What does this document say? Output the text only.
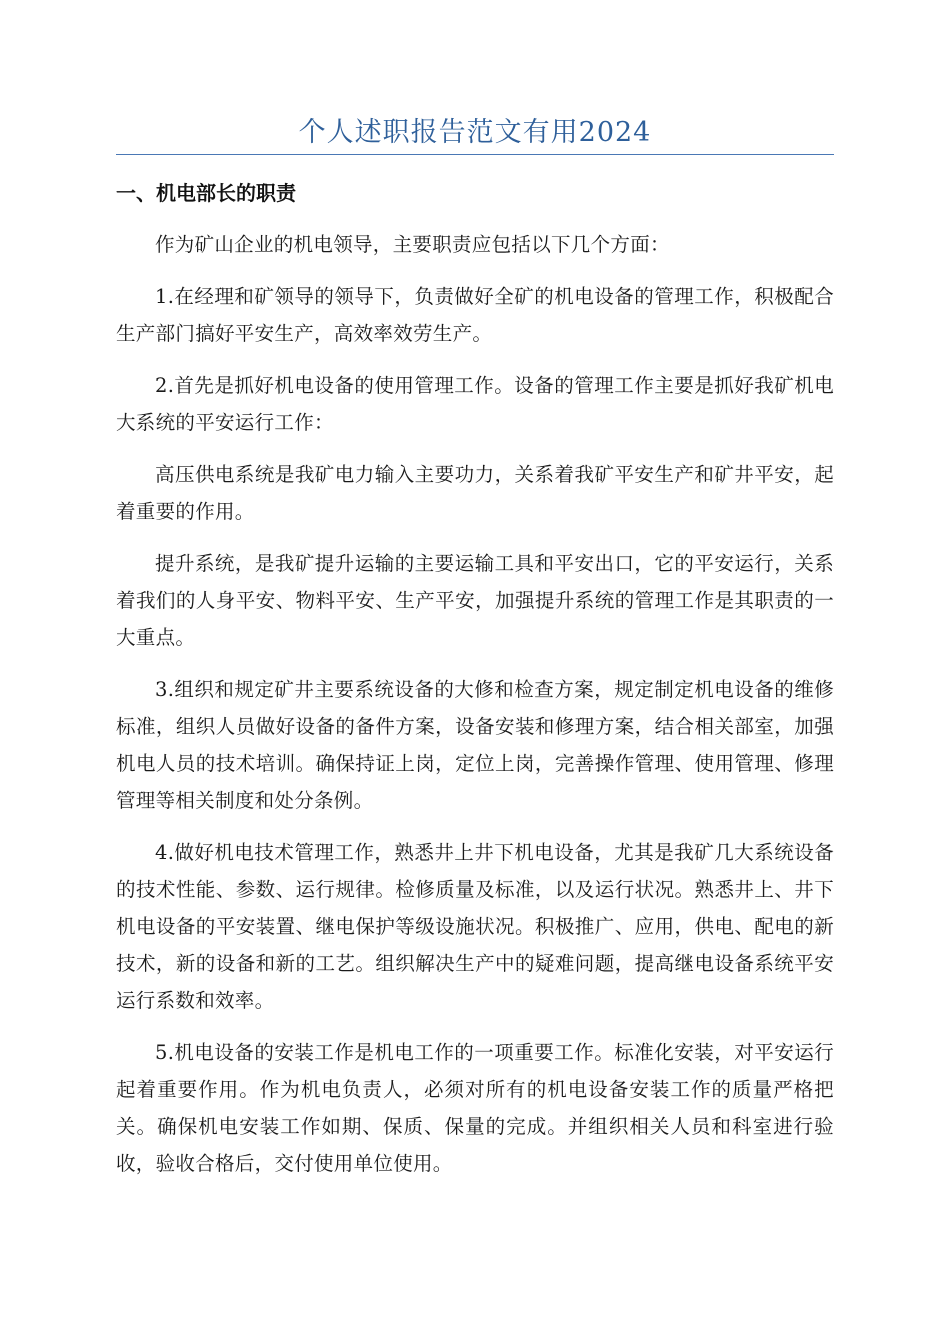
个人述职报告范文有用2024
一、机电部长的职责

作为矿山企业的机电领导，主要职责应包括以下几个方面：

1.在经理和矿领导的领导下，负责做好全矿的机电设备的管理工作，积极配合生产部门搞好平安生产，高效率效劳生产。

2.首先是抓好机电设备的使用管理工作。设备的管理工作主要是抓好我矿机电大系统的平安运行工作：

高压供电系统是我矿电力输入主要功力，关系着我矿平安生产和矿井平安，起着重要的作用。

提升系统，是我矿提升运输的主要运输工具和平安出口，它的平安运行，关系着我们的人身平安、物料平安、生产平安，加强提升系统的管理工作是其职责的一大重点。

3.组织和规定矿井主要系统设备的大修和检查方案，规定制定机电设备的维修标准，组织人员做好设备的备件方案，设备安装和修理方案，结合相关部室，加强机电人员的技术培训。确保持证上岗，定位上岗，完善操作管理、使用管理、修理管理等相关制度和处分条例。

4.做好机电技术管理工作，熟悉井上井下机电设备，尤其是我矿几大系统设备的技术性能、参数、运行规律。检修质量及标准，以及运行状况。熟悉井上、井下机电设备的平安装置、继电保护等级设施状况。积极推广、应用，供电、配电的新技术，新的设备和新的工艺。组织解决生产中的疑难问题，提高继电设备系统平安运行系数和效率。

5.机电设备的安装工作是机电工作的一项重要工作。标准化安装，对平安运行起着重要作用。作为机电负责人，必须对所有的机电设备安装工作的质量严格把关。确保机电安装工作如期、保质、保量的完成。并组织相关人员和科室进行验收，验收合格后，交付使用单位使用。
